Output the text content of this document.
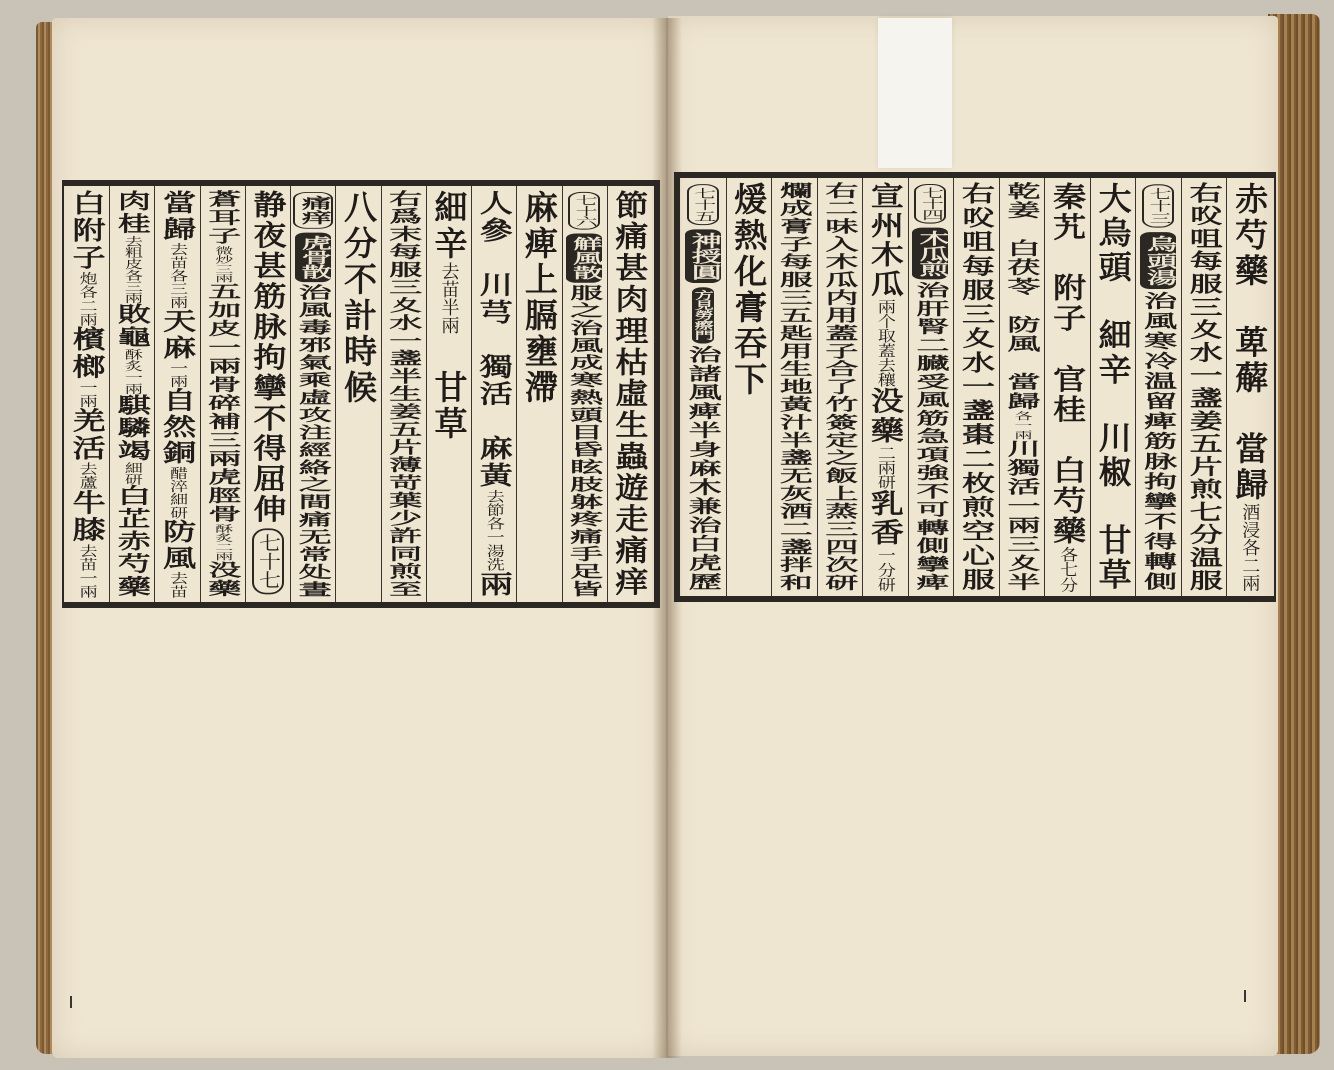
節痛甚肉理枯虛生蟲遊走痛痒
七十六
觧風散
服之治風成寒熱頭目昏眩肢躰疼痛手足皆
麻痺上膈壅滯
人參
川芎
獨活
麻黃
去節各一湯洗
兩
細辛
去苗半兩
甘草
右爲末每服三夊水一盞半生姜五片薄苛葉少許同煎至
八分不計時候
痛痒
虎骨散
治風毒邪氣乘虛攻注經絡之間痛无常处晝
静夜甚筋脉拘攣不得屈伸
七十七
蒼耳子
微炒三兩
五加皮一兩骨碎補三兩虎脛骨
酥炙二兩
没藥
當歸
去苗各三兩
天麻
一兩
自然銅
醋淬細研
防風
去苗
肉桂
去粗皮各三兩
敗龜
酥炙一兩
騏驎竭
細研
白芷
赤芍藥
白附子
炮各二兩
檳榔
一兩
羌活
去蘆
牛膝
去苗一兩
赤芍藥
萆薢
當歸
酒浸各二兩
右㕮咀每服三夊水一盞姜五片煎七分温服
七十三
烏頭湯
治風寒冷温留痺筋脉拘攣不得轉側
大烏頭
細辛
川椒
甘草
秦艽
附子
官桂
白芍藥
各七分
乾姜
白茯苓
防風
當歸
各一兩
川獨活一兩三夊半
右㕮咀每服三夊水一盞棗二枚煎空心服
七十四
木瓜煎
治肝腎二臓受風筋急項強不可轉側攣痺
宣州木瓜
兩个取蓋去穰
没藥
二兩研
乳香
一分研
右二味入木瓜内用蓋子合了竹簽定之飯上蒸三四次研
爛成膏子每服三五匙用生地黃汁半盞无灰酒二盞拌和
煖熱化膏吞下
七十五
神授圓
方見勞瘵門
治諸風痺半身麻木兼治白虎歷
